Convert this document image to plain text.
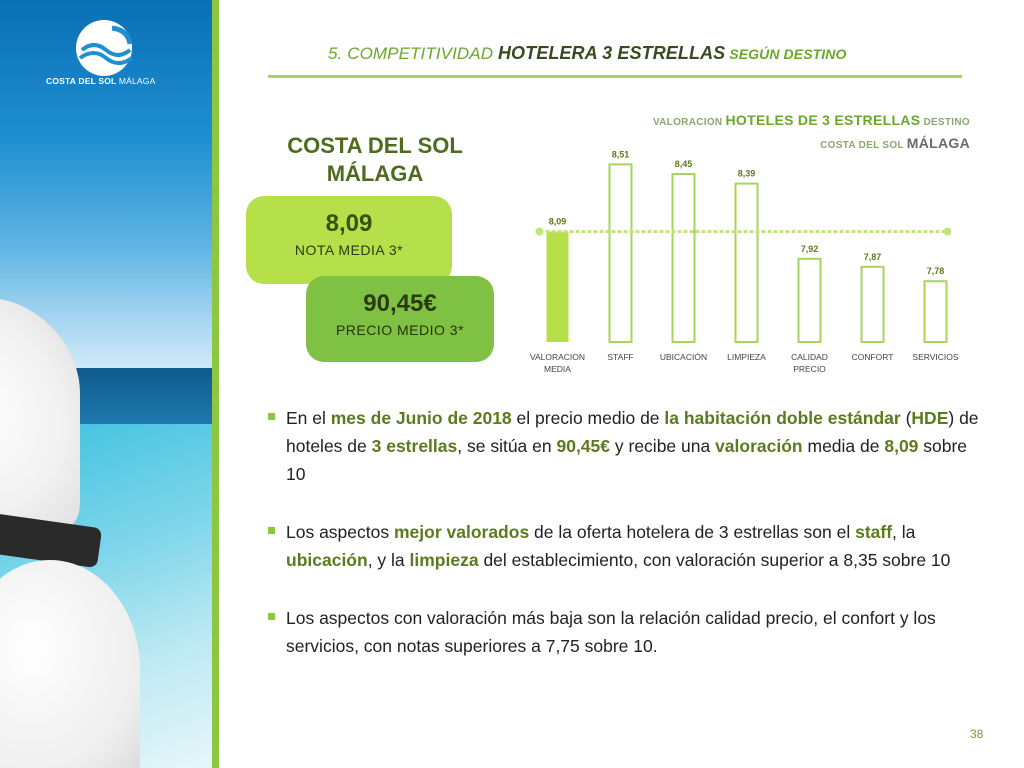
COSTA DEL SOL MÁLAGA
5. COMPETITIVIDAD HOTELERA 3 ESTRELLAS SEGÚN DESTINO
COSTA DEL SOL
MÁLAGA
8,09
NOTA MEDIA 3*
90,45€
PRECIO MEDIO 3*
VALORACION HOTELES DE 3 ESTRELLAS DESTINO
COSTA DEL SOL MÁLAGA
8,09
VALORACION
MEDIA
8,51
STAFF
8,45
UBICACIÓN
8,39
LIMPIEZA
7,92
CALIDAD
PRECIO
7,87
CONFORT
7,78
SERVICIOS
En el mes de Junio de 2018 el precio medio de la habitación doble estándar (HDE) de hoteles de 3 estrellas, se sitúa en 90,45€ y recibe una valoración media de 8,09 sobre 10
Los aspectos mejor valorados de la oferta hotelera de 3 estrellas son el staff, la ubicación, y la limpieza del establecimiento, con valoración superior a 8,35 sobre 10
Los aspectos con valoración más baja son la relación calidad precio, el confort y los servicios, con notas superiores a 7,75 sobre 10.
38
